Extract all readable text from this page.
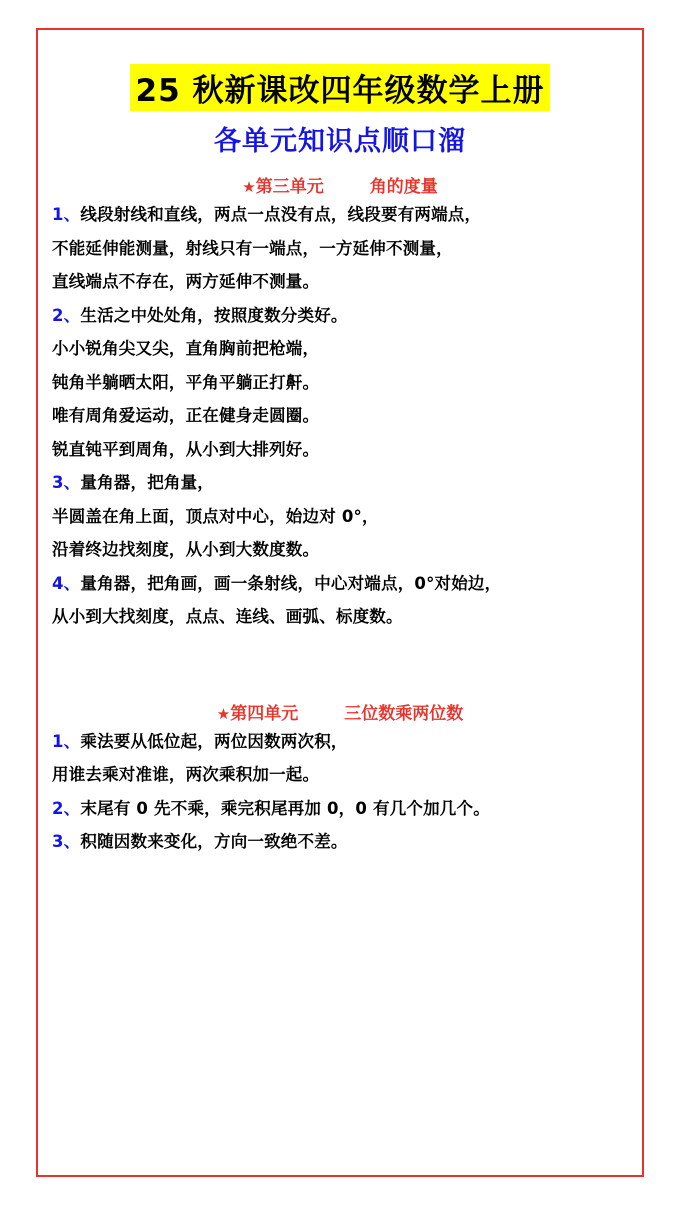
25 秋新课改四年级数学上册
各单元知识点顺口溜
★第三单元	角的度量

1、线段射线和直线，两点一点没有点，线段要有两端点，

不能延伸能测量，射线只有一端点，一方延伸不测量，

直线端点不存在，两方延伸不测量。

2、生活之中处处角，按照度数分类好。

小小锐角尖又尖，直角胸前把枪端，

钝角半躺晒太阳，平角平躺正打鼾。

唯有周角爱运动，正在健身走圆圈。

锐直钝平到周角，从小到大排列好。

3、量角器，把角量，

半圆盖在角上面，顶点对中心，始边对 0°，

沿着终边找刻度，从小到大数度数。

4、量角器，把角画，画一条射线，中心对端点，0°对始边，

从小到大找刻度，点点、连线、画弧、标度数。

★第四单元	三位数乘两位数

1、乘法要从低位起，两位因数两次积，

用谁去乘对准谁，两次乘积加一起。

2、末尾有 0 先不乘，乘完积尾再加 0，0 有几个加几个。

3、积随因数来变化，方向一致绝不差。
